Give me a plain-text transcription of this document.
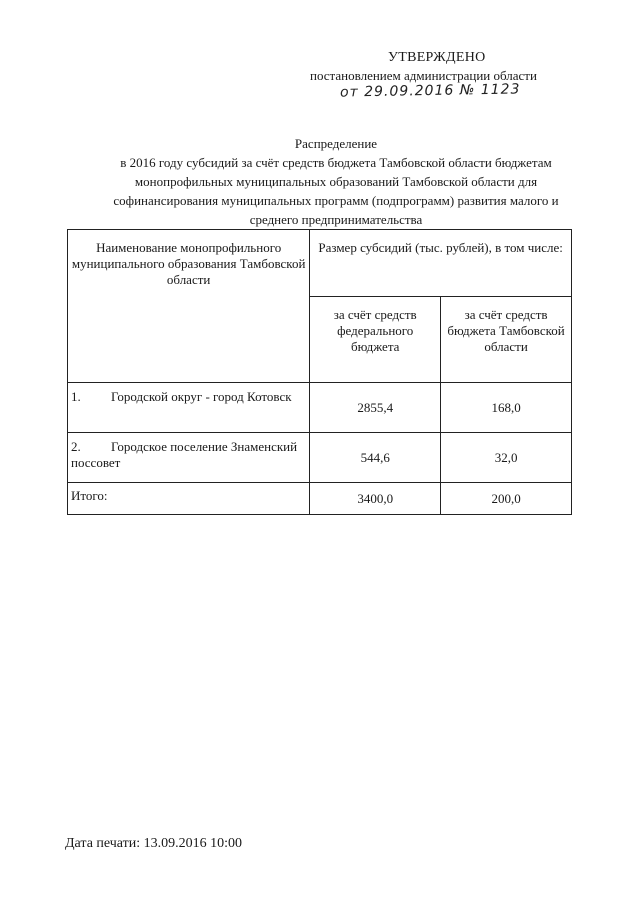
УТВЕРЖДЕНО
постановлением администрации области
от 29.09.2016 № 1123
Распределение
в 2016 году субсидий за счёт средств бюджета Тамбовской области бюджетам
монопрофильных муниципальных образований Тамбовской области для
софинансирования муниципальных программ (подпрограмм) развития малого и
среднего предпринимательства
Наименование монопрофильного муниципального образования Тамбовской области	Размер субсидий (тыс. рублей), в том числе:	
	за счёт средств федерального бюджета	за счёт средств бюджета Тамбовской области
1. Городской округ - город Котовск	2855,4	168,0
2. Городское поселение Знаменский поссовет	544,6	32,0
Итого:	3400,0	200,0
Дата печати: 13.09.2016 10:00
